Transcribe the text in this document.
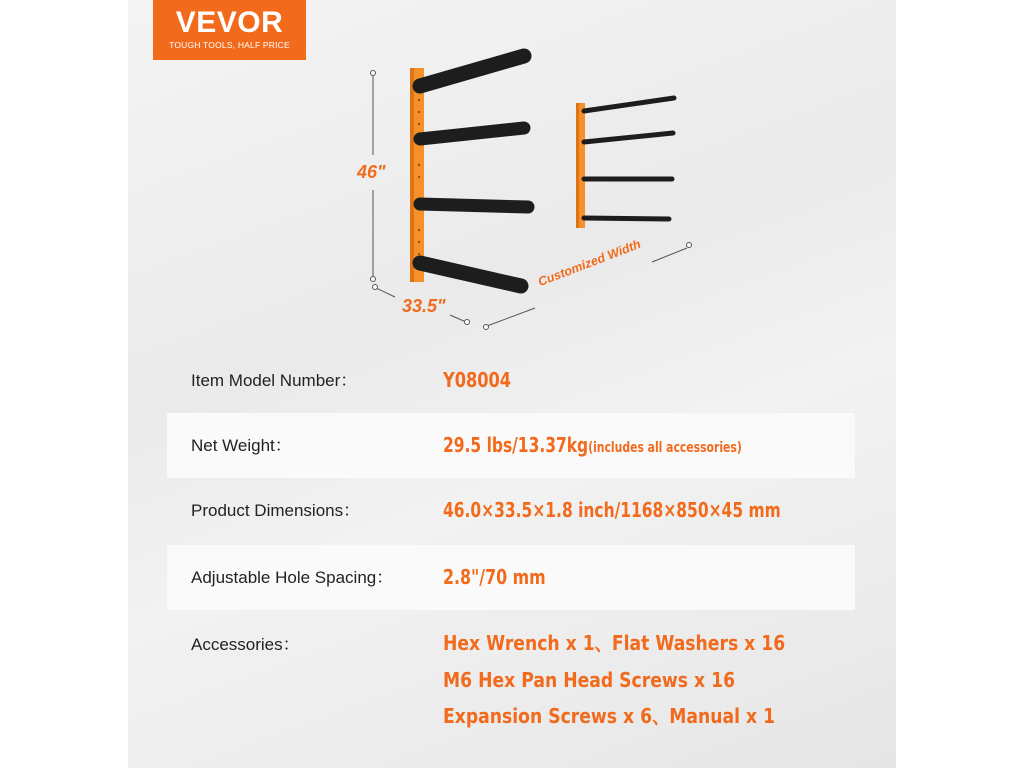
VEVOR
TOUGH TOOLS, HALF PRICE
46"
33.5"
Customized Width
Item Model Number：	Y08004
Net Weight：	29.5 lbs/13.37kg(includes all accessories)
Product Dimensions：	46.0×33.5×1.8 inch/1168×850×45 mm
Adjustable Hole Spacing： 2.8"/70 mm
Accessories：	Hex Wrench x 1、Flat Washers x 16
M6 Hex Pan Head Screws x 16
Expansion Screws x 6、Manual x 1
